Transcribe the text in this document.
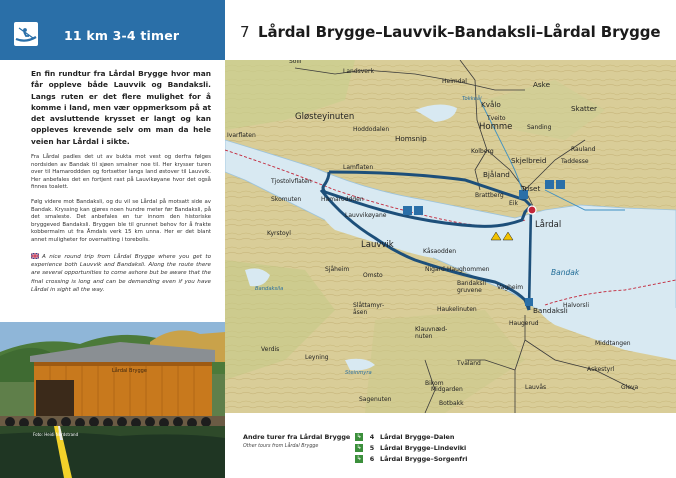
11 km 3-4 timer	7 Lårdal Brygge–Lauvvik–Bandaksli–Lårdal Brygge

En fin rundtur fra Lårdal Brygge hvor man får oppleve både Lauvvik og Bandaksli. Langs ruten er det flere mulighet for å komme i land, men vær oppmerksom på at det avsluttende krysset er langt og kan oppleves krevende selv om man da hele veien har Lårdal i sikte.

Fra Lårdal padles det ut av bukta mot vest og derfra følges nordsiden av Bandak til sjøen smalner noe til. Her krysser turen over til Hamaroddden og fortsetter langs land østover til Lauvvik. Her anbefales det en fortjent rast på Lauvikøyane hvor det også finnes toalett.

Følg videre mot Bandaksli, og du vil se Lårdal på motsatt side av Bandak. Kryssing kan gjøres noen hundre meter før Bandaksli, på det smaleste. Det anbefales en tur innom den historiske bryggeved Bandaksli. Bryggen ble til grunnet behov for å frakte kobbermalm ut fra Åmdals verk 15 km unna. Her er det blant annet muligheter for overnatting i torebolis.

A nice round trip from Lårdal Brygge where you get to experience both Lauvvik and Bandaksli. Along the route there are several opportunities to come ashore but be aware that the final crossing is long and can be demanding even if you have Lårdal in sight all the way.

Lårdal Brygge
Foto: Heidi Nordstrand
Solli
Landsverk
Heimdal	Aske
Tokkeåi
Kvålo	Skatter
Gløsteyinuten	Tveito
Homme Sanding
Hoddodalen
Homsnip
Kolberg	Rauland
Taddesse
Skjelbreid
Ivarflaten
Lamflaten
Bjåland
Triset
Tjostolvflaten
Brattberg
Eik
Skomuten	Hamaroddden
Lårdal
Lauvvikøyane
Kyrstoyl
Lauvvik
Kåsaodden
Sjåheim
Omsto
Nigard-Haughommen	Bandak
Bandaksli
gruvene	Vagheim
Bandaksli
Haukelinuten
Haugerud
Halvorsli
Slåttamyr-
åsen
Klauvnæd-
nuten
Verdis
Tvaland
Middtangen
Leyning
Steinmyra
Midgarden
Askestyrl
Bikom
Gleva
Lauvås
Sagenuten
Botbakk
Bandaksila
Andre turer fra Lårdal Brygge
Other tours from Lårdal Brygge
↳	4 Lårdal Brygge–Dalen
↳	5 Lårdal Brygge–Lindeviki
↳	6 Lårdal Brygge–Sorgenfri
